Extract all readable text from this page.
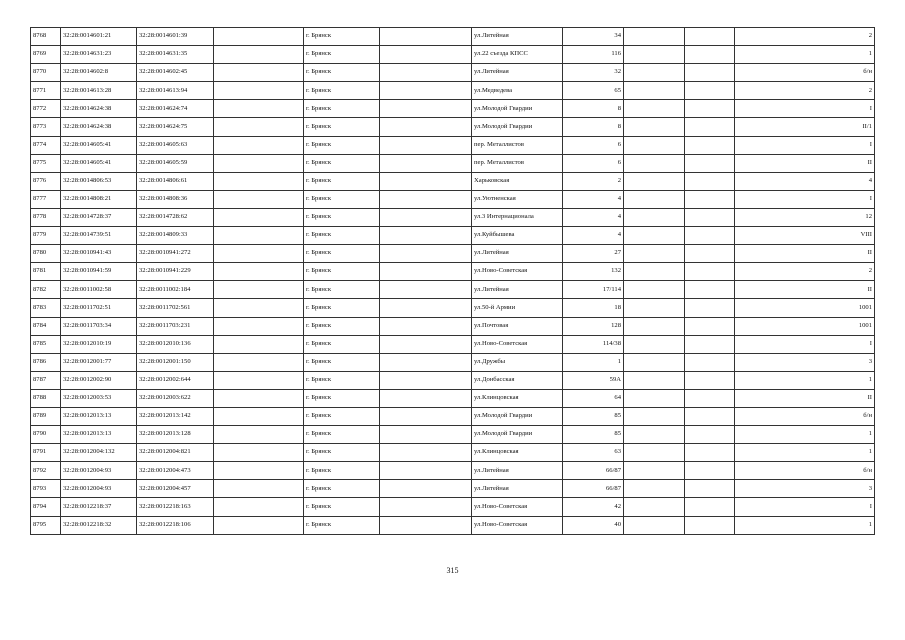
8768	32:28:0014601:21	32:28:0014601:39		г. Брянск		ул.Литейная	34			2
8769	32:28:0014631:23	32:28:0014631:35		г. Брянск		ул.22 съезда КПСС	116			1
8770	32:28:0014602:8	32:28:0014602:45		г. Брянск		ул.Литейная	32			б/н
8771	32:28:0014613:28	32:28:0014613:94		г. Брянск		ул.Медведева	65			2
8772	32:28:0014624:38	32:28:0014624:74		г. Брянск		ул.Молодой Гвардии	8			I
8773	32:28:0014624:38	32:28:0014624:75		г. Брянск		ул.Молодой Гвардии	8			II/1
8774	32:28:0014605:41	32:28:0014605:63		г. Брянск		пер. Металлистов	6			I
8775	32:28:0014605:41	32:28:0014605:59		г. Брянск		пер. Металлистов	6			II
8776	32:28:0014806:53	32:28:0014806:61		г. Брянск		Харьковская	2			4
8777	32:28:0014808:21	32:28:0014808:36		г. Брянск		ул.Уютненская	4			I
8778	32:28:0014728:37	32:28:0014728:62		г. Брянск		ул.3 Интернационала	4			12
8779	32:28:0014739:51	32:28:0014809:33		г. Брянск		ул.Куйбышева	4			VIII
8780	32:28:0010941:43	32:28:0010941:272		г. Брянск		ул.Литейная	27			II
8781	32:28:0010941:59	32:28:0010941:229		г. Брянск		ул.Ново-Советская	132			2
8782	32:28:0011002:58	32:28:0011002:184		г. Брянск		ул.Литейная	17/114			II
8783	32:28:0011702:51	32:28:0011702:561		г. Брянск		ул.50-й Армии	18			1001
8784	32:28:0011703:34	32:28:0011703:231		г. Брянск		ул.Почтовая	128			1001
8785	32:28:0012010:19	32:28:0012010:136		г. Брянск		ул.Ново-Советская	114/38			I
8786	32:28:0012001:77	32:28:0012001:150		г. Брянск		ул.Дружбы	1			3
8787	32:28:0012002:90	32:28:0012002:644		г. Брянск		ул.Донбасская	59А			1
8788	32:28:0012003:53	32:28:0012003:622		г. Брянск		ул.Клинцовская	64			II
8789	32:28:0012013:13	32:28:0012013:142		г. Брянск		ул.Молодой Гвардии	85			б/н
8790	32:28:0012013:13	32:28:0012013:128		г. Брянск		ул.Молодой Гвардии	85			1
8791	32:28:0012004:132	32:28:0012004:821		г. Брянск		ул.Клинцовская	63			1
8792	32:28:0012004:93	32:28:0012004:473		г. Брянск		ул.Литейная	66/87			б/н
8793	32:28:0012004:93	32:28:0012004:457		г. Брянск		ул.Литейная	66/87			3
8794	32:28:0012218:37	32:28:0012218:163		г. Брянск		ул.Ново-Советская	42			I
8795	32:28:0012218:32	32:28:0012218:106		г. Брянск		ул.Ново-Советская	40			1
315
